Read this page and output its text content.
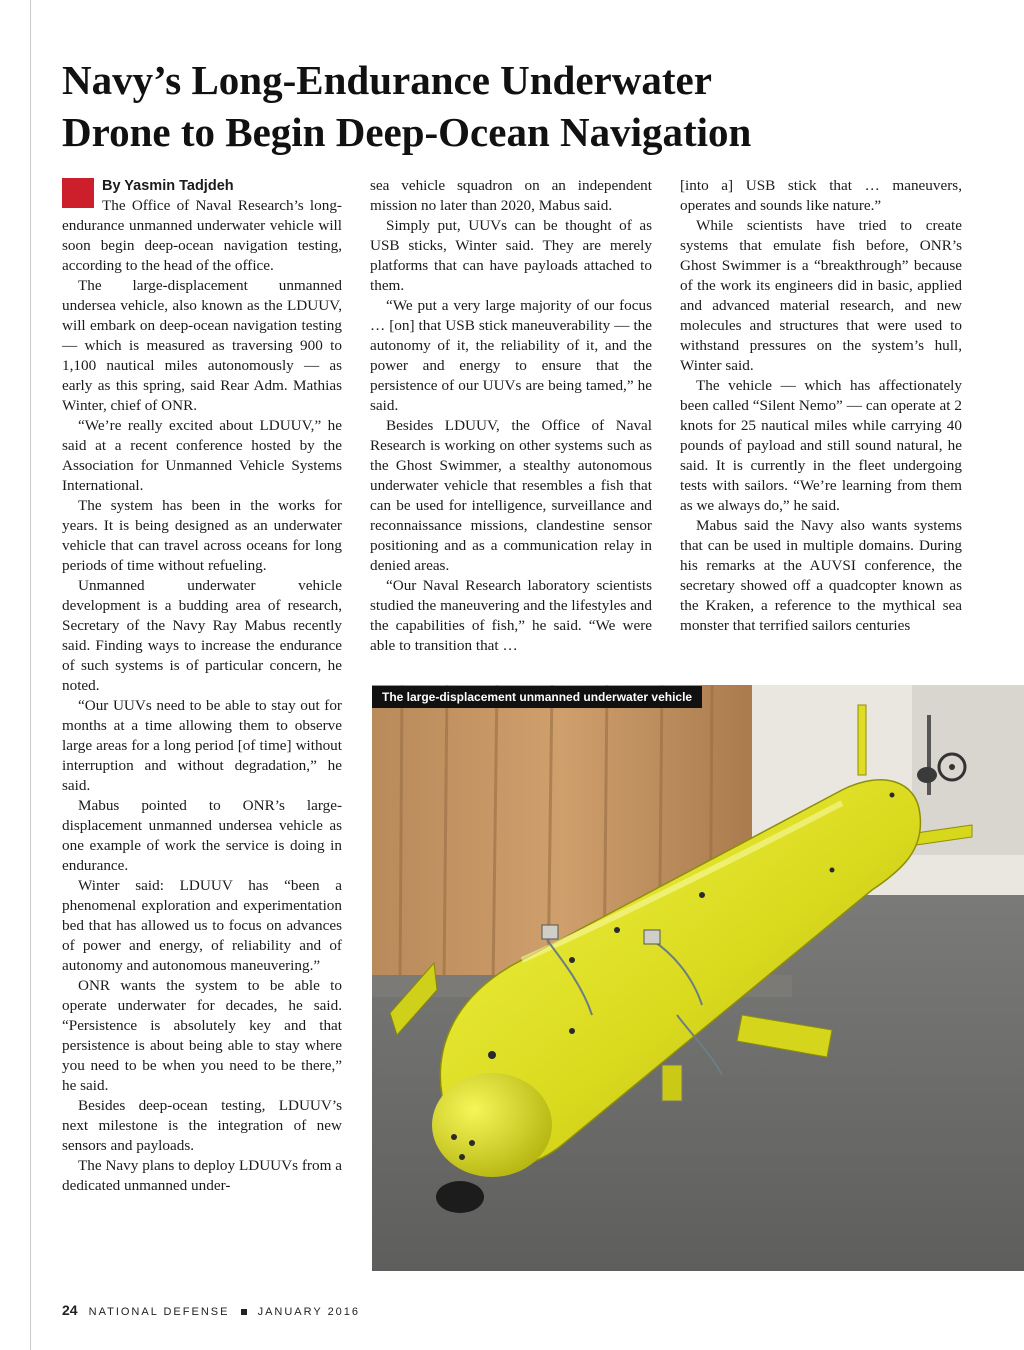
Navy’s Long-Endurance Underwater
Drone to Begin Deep-Ocean Navigation
By Yasmin Tadjdeh

The Office of Naval Research’s long-endurance unmanned underwater vehicle will soon begin deep-ocean navigation testing, according to the head of the office.

The large-displacement unmanned undersea vehicle, also known as the LDUUV, will embark on deep-ocean navigation testing — which is measured as traversing 900 to 1,100 nautical miles autonomously — as early as this spring, said Rear Adm. Mathias Winter, chief of ONR.

“We’re really excited about LDUUV,” he said at a recent conference hosted by the Association for Unmanned Vehicle Systems International.

The system has been in the works for years. It is being designed as an underwater vehicle that can travel across oceans for long periods of time without refueling.

Unmanned underwater vehicle development is a budding area of research, Secretary of the Navy Ray Mabus recently said. Finding ways to increase the endurance of such systems is of particular concern, he noted.

“Our UUVs need to be able to stay out for months at a time allowing them to observe large areas for a long period [of time] without interruption and without degradation,” he said.

Mabus pointed to ONR’s large-displacement unmanned undersea vehicle as one example of work the service is doing in endurance.

Winter said: LDUUV has “been a phenomenal exploration and experimentation bed that has allowed us to focus on advances of power and energy, of reliability and of autonomy and autonomous maneuvering.”

ONR wants the system to be able to operate underwater for decades, he said. “Persistence is absolutely key and that persistence is about being able to stay where you need to be when you need to be there,” he said.

Besides deep-ocean testing, LDUUV’s next milestone is the integration of new sensors and payloads.

The Navy plans to deploy LDUUVs from a dedicated unmanned under-

sea vehicle squadron on an independent mission no later than 2020, Mabus said.

Simply put, UUVs can be thought of as USB sticks, Winter said. They are merely platforms that can have payloads attached to them.

“We put a very large majority of our focus … [on] that USB stick maneuverability — the autonomy of it, the reliability of it, and the power and energy to ensure that the persistence of our UUVs are being tamed,” he said.

Besides LDUUV, the Office of Naval Research is working on other systems such as the Ghost Swimmer, a stealthy autonomous underwater vehicle that resembles a fish that can be used for intelligence, surveillance and reconnaissance missions, clandestine sensor positioning and as a communication relay in denied areas.

“Our Naval Research laboratory scientists studied the maneuvering and the lifestyles and the capabilities of fish,” he said. “We were able to transition that …

[into a] USB stick that … maneuvers, operates and sounds like nature.”

While scientists have tried to create systems that emulate fish before, ONR’s Ghost Swimmer is a “breakthrough” because of the work its engineers did in basic, applied and advanced material research, and new molecules and structures that were used to withstand pressures on the system’s hull, Winter said.

The vehicle — which has affectionately been called “Silent Nemo” — can operate at 2 knots for 25 nautical miles while carrying 40 pounds of payload and still sound natural, he said. It is currently in the fleet undergoing tests with sailors. “We’re learning from them as we always do,” he said.

Mabus said the Navy also wants systems that can be used in multiple domains. During his remarks at the AUVSI conference, the secretary showed off a quadcopter known as the Kraken, a reference to the mythical sea monster that terrified sailors centuries

The large-displacement unmanned underwater vehicle
24 NATIONAL DEFENSE	JANUARY 2016
